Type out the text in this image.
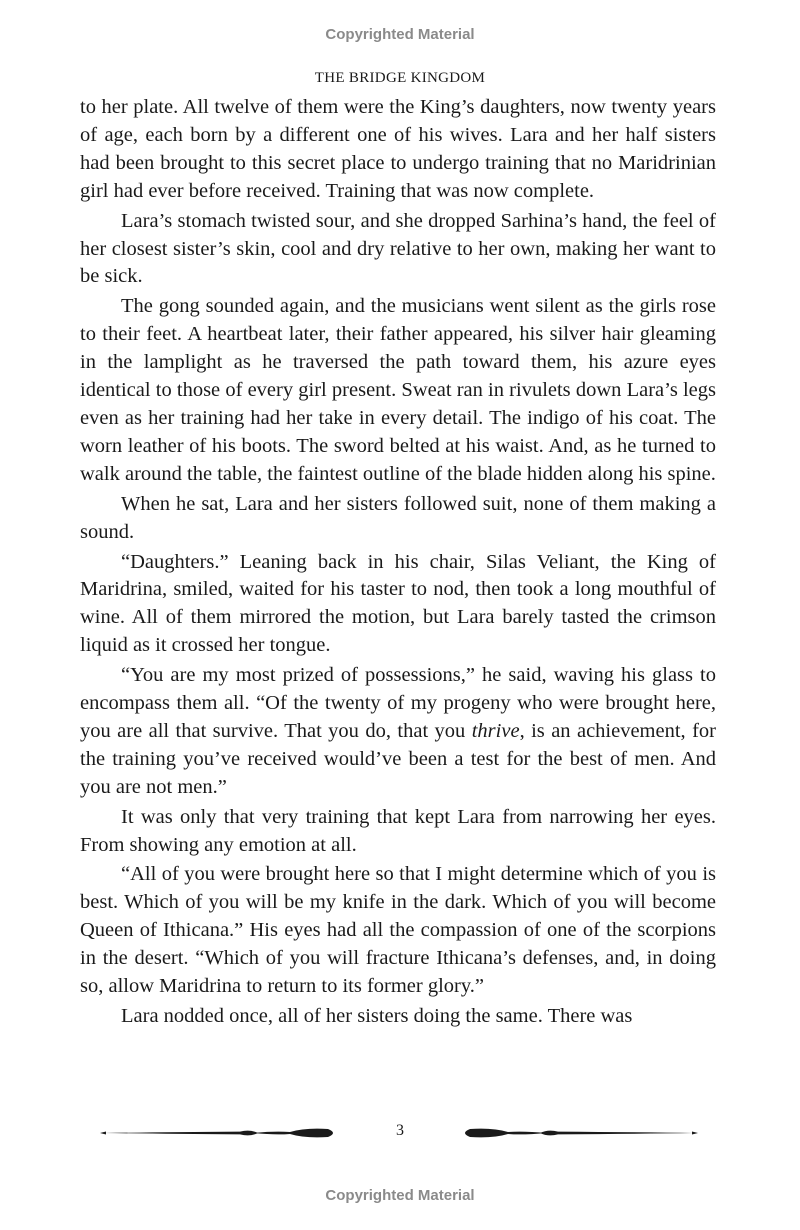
Copyrighted Material
THE BRIDGE KINGDOM

to her plate. All twelve of them were the King’s daughters, now twenty years of age, each born by a different one of his wives. Lara and her half sisters had been brought to this secret place to undergo training that no Maridrinian girl had ever before received. Training that was now complete.

Lara’s stomach twisted sour, and she dropped Sarhina’s hand, the feel of her closest sister’s skin, cool and dry relative to her own, making her want to be sick.

The gong sounded again, and the musicians went silent as the girls rose to their feet. A heartbeat later, their father appeared, his silver hair gleaming in the lamplight as he traversed the path toward them, his azure eyes identical to those of every girl present. Sweat ran in rivulets down Lara’s legs even as her training had her take in every detail. The indigo of his coat. The worn leather of his boots. The sword belted at his waist. And, as he turned to walk around the table, the faintest outline of the blade hidden along his spine.

When he sat, Lara and her sisters followed suit, none of them making a sound.

“Daughters.” Leaning back in his chair, Silas Veliant, the King of Maridrina, smiled, waited for his taster to nod, then took a long mouthful of wine. All of them mirrored the motion, but Lara barely tasted the crimson liquid as it crossed her tongue.

“You are my most prized of possessions,” he said, waving his glass to encompass them all. “Of the twenty of my progeny who were brought here, you are all that survive. That you do, that you thrive, is an achievement, for the training you’ve received would’ve been a test for the best of men. And you are not men.”

It was only that very training that kept Lara from narrowing her eyes. From showing any emotion at all.

“All of you were brought here so that I might determine which of you is best. Which of you will be my knife in the dark. Which of you will become Queen of Ithicana.” His eyes had all the compassion of one of the scorpions in the desert. “Which of you will fracture Ithicana’s defenses, and, in doing so, allow Maridrina to return to its former glory.”

Lara nodded once, all of her sisters doing the same. There was

3
Copyrighted Material
